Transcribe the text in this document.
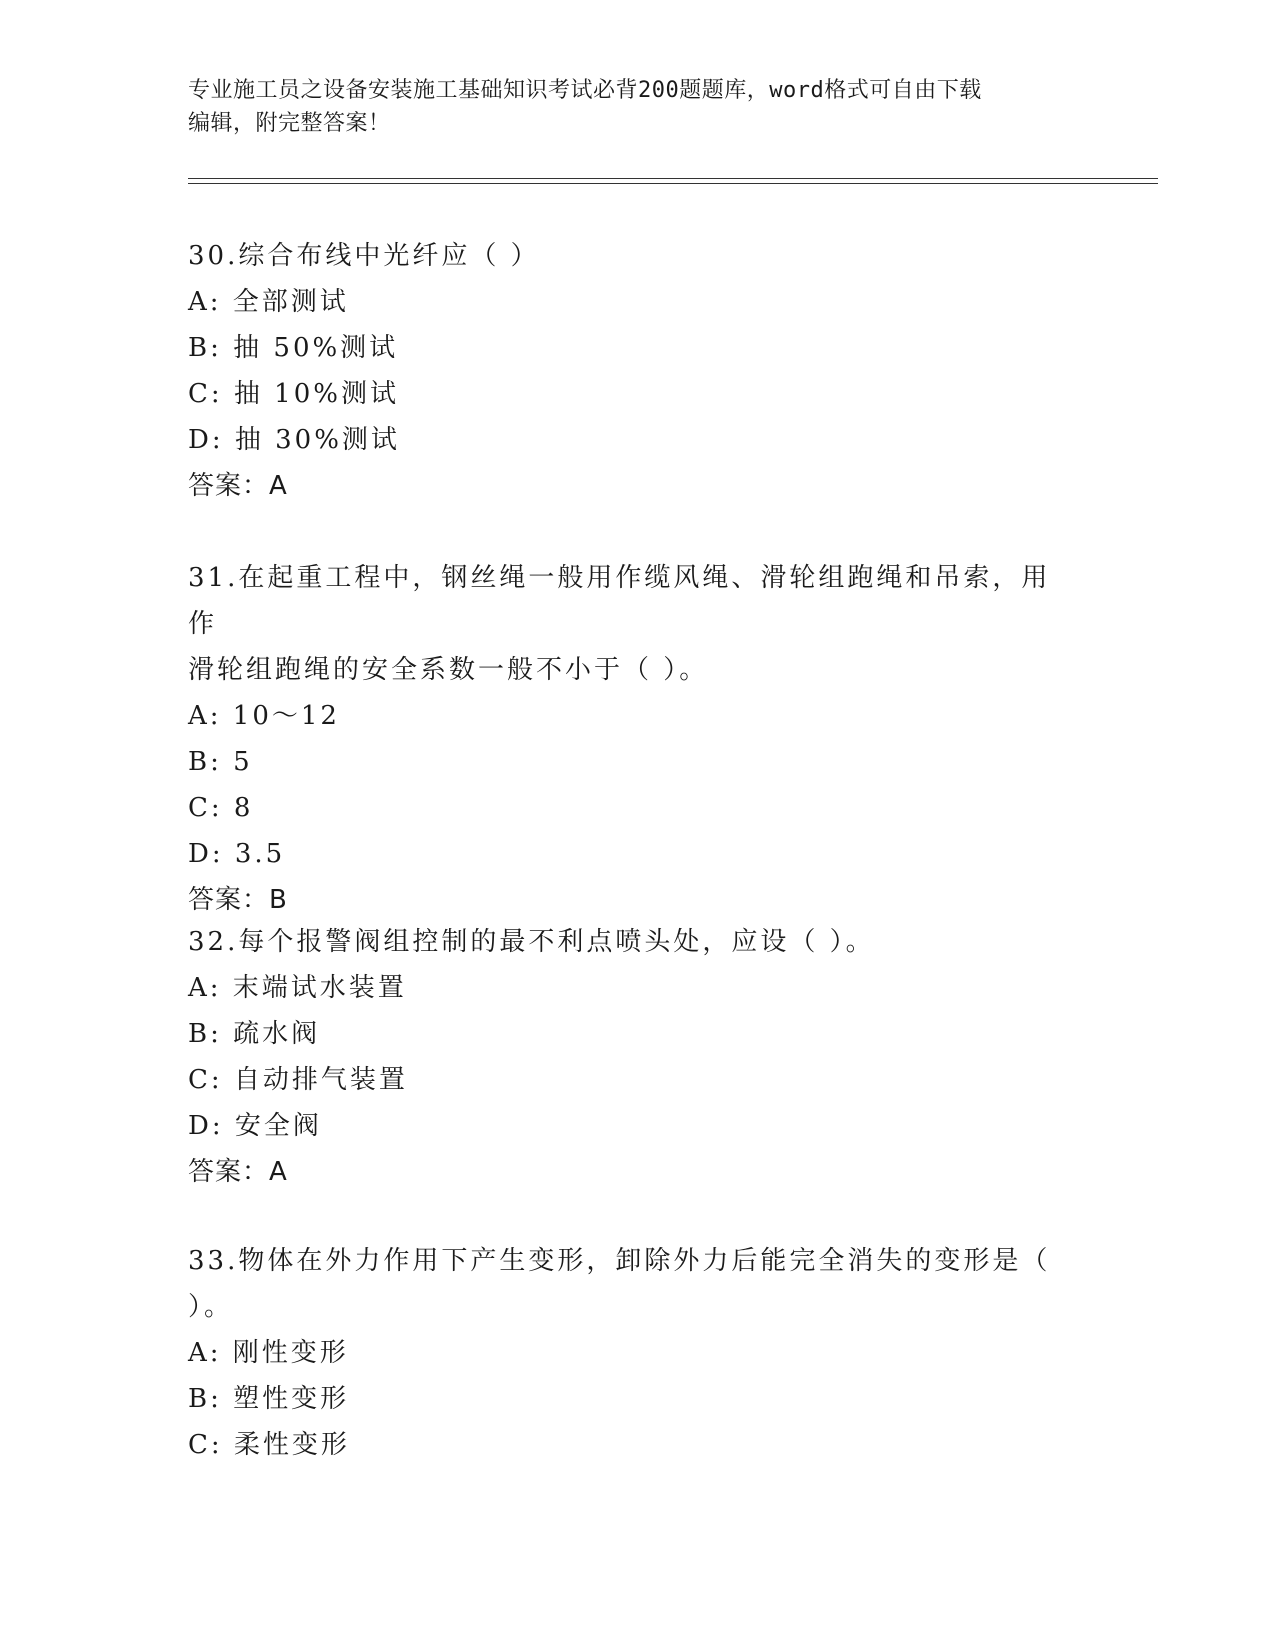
专业施工员之设备安装施工基础知识考试必背200题题库，word格式可自由下载
编辑，附完整答案！
30.综合布线中光纤应（ ）
A: 全部测试
B: 抽 50%测试
C: 抽 10%测试
D: 抽 30%测试
答案：A
31.在起重工程中，钢丝绳一般用作缆风绳、滑轮组跑绳和吊索，用作
滑轮组跑绳的安全系数一般不小于（ ）。
A: 10～12
B: 5
C: 8
D: 3.5
答案：B
32.每个报警阀组控制的最不利点喷头处，应设（ ）。
A: 末端试水装置
B: 疏水阀
C: 自动排气装置
D: 安全阀
答案：A
33.物体在外力作用下产生变形，卸除外力后能完全消失的变形是（
）。
A: 刚性变形
B: 塑性变形
C: 柔性变形
